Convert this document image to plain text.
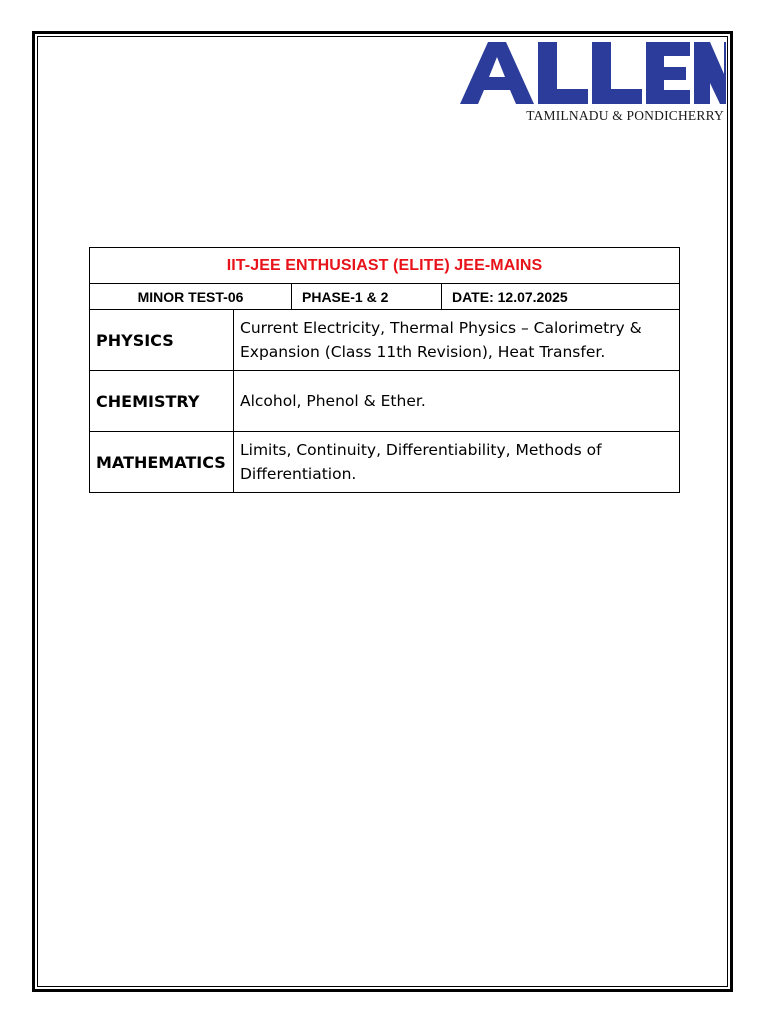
TAMILNADU & PONDICHERRY
IIT-JEE ENTHUSIAST (ELITE) JEE-MAINS			
MINOR TEST-06		PHASE-1 & 2	DATE: 12.07.2025
PHYSICS	Current Electricity, Thermal Physics – Calorimetry & Expansion (Class 11th Revision), Heat Transfer.		
CHEMISTRY	Alcohol, Phenol & Ether.		
MATHEMATICS	Limits, Continuity, Differentiability, Methods of Differentiation.		
